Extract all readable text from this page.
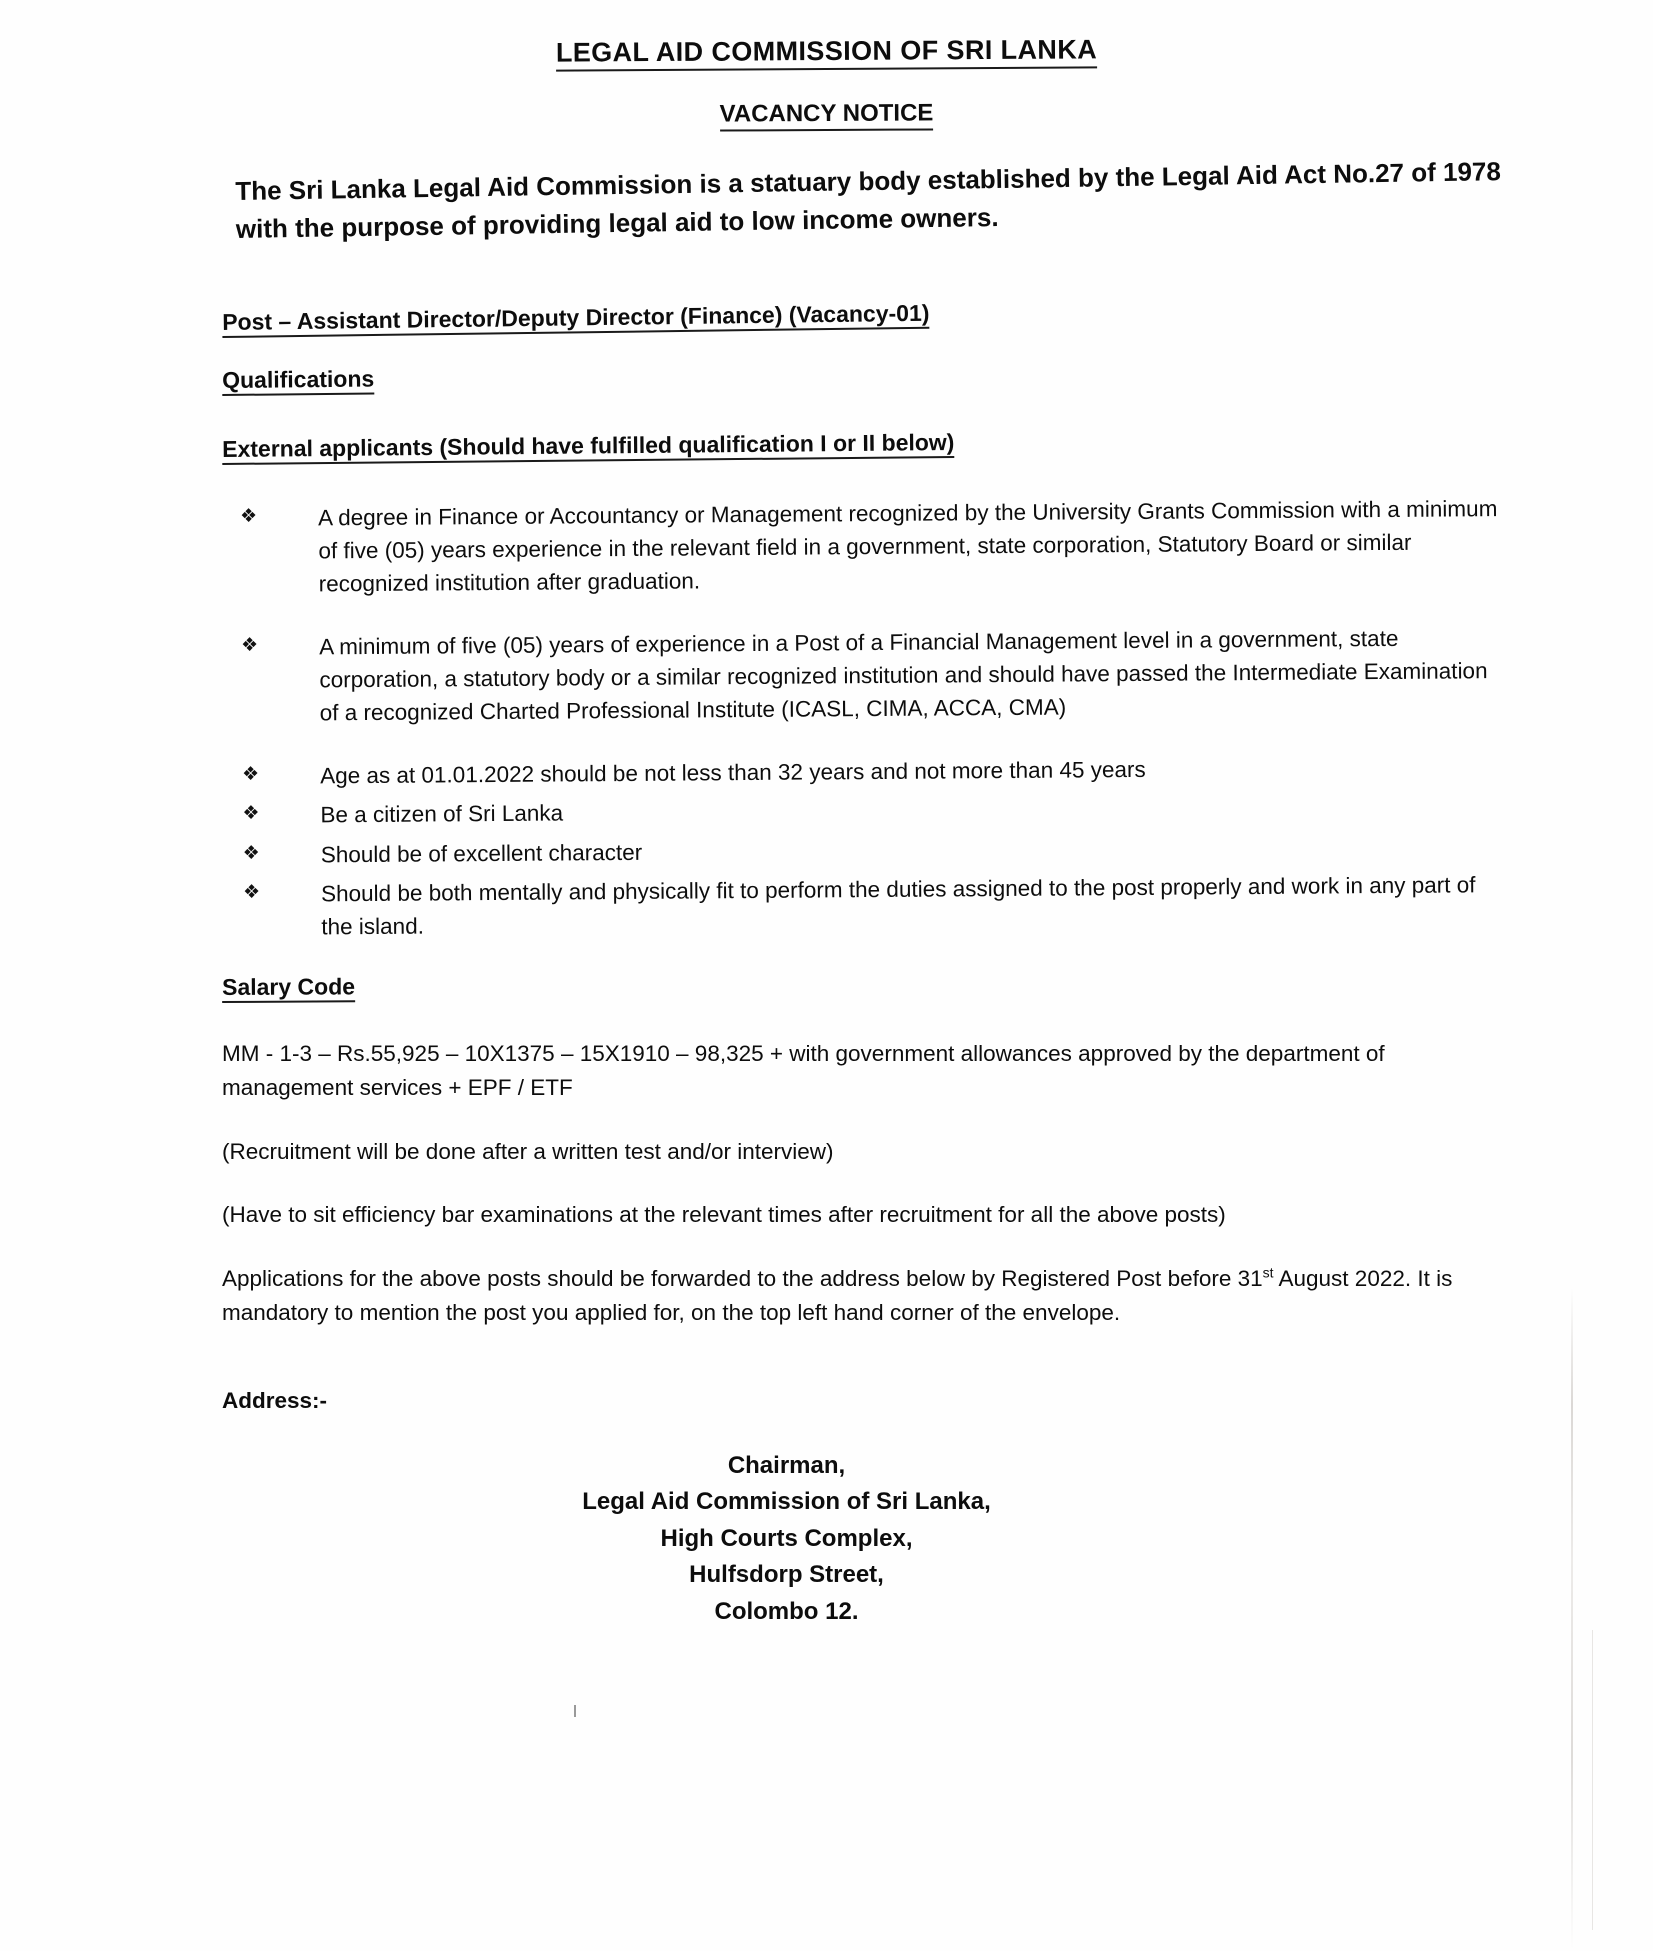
LEGAL AID COMMISSION OF SRI LANKA
VACANCY NOTICE

The Sri Lanka Legal Aid Commission is a statuary body established by the Legal Aid Act No.27 of 1978 with the purpose of providing legal aid to low income owners.

Post – Assistant Director/Deputy Director (Finance) (Vacancy-01)
Qualifications
External applicants (Should have fulfilled qualification I or II below)
❖	A degree in Finance or Accountancy or Management recognized by the University Grants Commission with a minimum of five (05) years experience in the relevant field in a government, state corporation, Statutory Board or similar recognized institution after graduation.
❖	A minimum of five (05) years of experience in a Post of a Financial Management level in a government, state corporation, a statutory body or a similar recognized institution and should have passed the Intermediate Examination of a recognized Charted Professional Institute (ICASL, CIMA, ACCA, CMA)
❖	Age as at 01.01.2022 should be not less than 32 years and not more than 45 years
❖	Be a citizen of Sri Lanka
❖	Should be of excellent character
❖	Should be both mentally and physically fit to perform the duties assigned to the post properly and work in any part of the island.
Salary Code

MM - 1-3 – Rs.55,925 – 10X1375 – 15X1910 – 98,325 + with government allowances approved by the department of management services + EPF / ETF

(Recruitment will be done after a written test and/or interview)

(Have to sit efficiency bar examinations at the relevant times after recruitment for all the above posts)

Applications for the above posts should be forwarded to the address below by Registered Post before 31st August 2022. It is mandatory to mention the post you applied for, on the top left hand corner of the envelope.

Address:-
Chairman,
Legal Aid Commission of Sri Lanka,
High Courts Complex,
Hulfsdorp Street,
Colombo 12.
